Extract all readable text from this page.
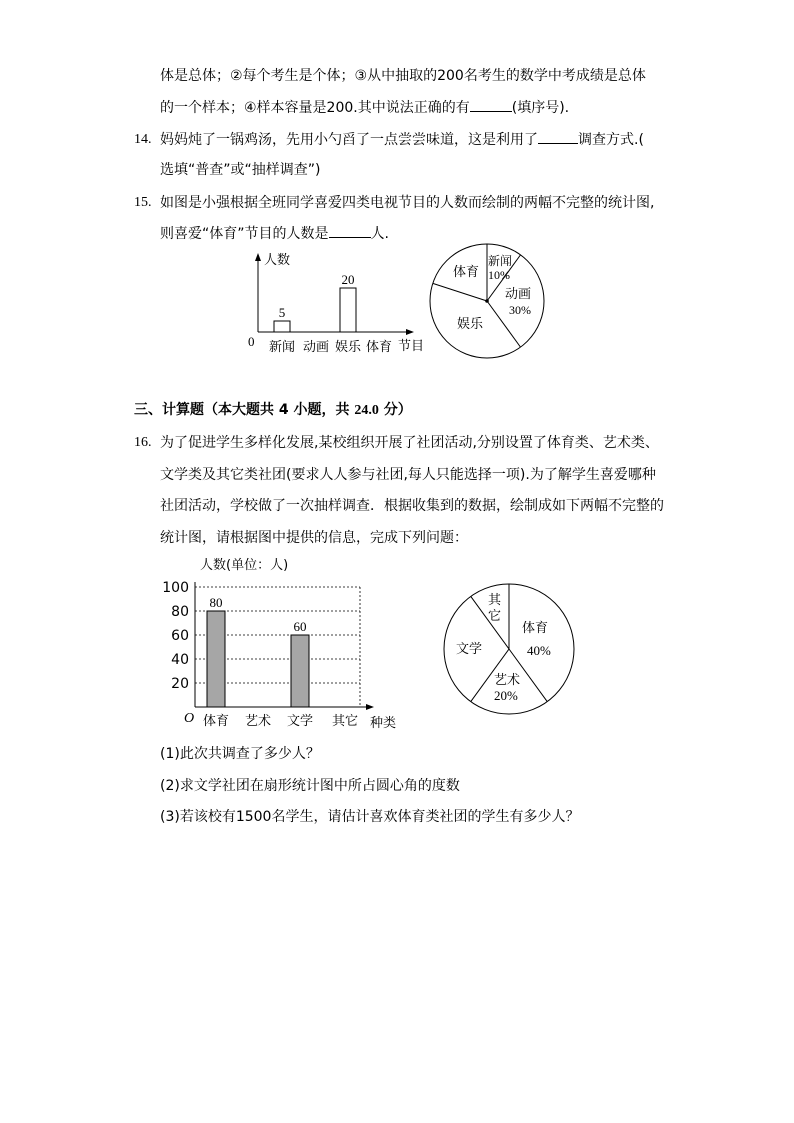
体是总体；②每个考生是个体；③从中抽取的200名考生的数学中考成绩是总体
的一个样本；④样本容量是200.其中说法正确的有	(填序号).
14. 妈妈炖了一锅鸡汤，先用小勺舀了一点尝尝味道，这是利用了	调查方式.(
选填“普查”或“抽样调查”)
15. 如图是小强根据全班同学喜爱四类电视节目的人数而绘制的两幅不完整的统计图,
则喜爱“体育”节目的人数是	人.
人数
0	节目
5
20
新闻 动画 娱乐 体育
新闻
10%
动画
30%
娱乐
体育
三、计算题（本大题共 4 小题，共 24.0 分）
16. 为了促进学生多样化发展,某校组织开展了社团活动,分别设置了体育类、艺术类、
文学类及其它类社团(要求人人参与社团,每人只能选择一项).为了解学生喜爱哪种
社团活动，学校做了一次抽样调查．根据收集到的数据，绘制成如下两幅不完整的
统计图，请根据图中提供的信息，完成下列问题：
人数(单位：人)
O
20
40
60
80
100
80
60
体育 艺术 文学 其它 种类
体育
40%
艺术
20%
文学
其
它
(1)此次共调查了多少人？
(2)求文学社团在扇形统计图中所占圆心角的度数
(3)若该校有1500名学生，请估计喜欢体育类社团的学生有多少人？
